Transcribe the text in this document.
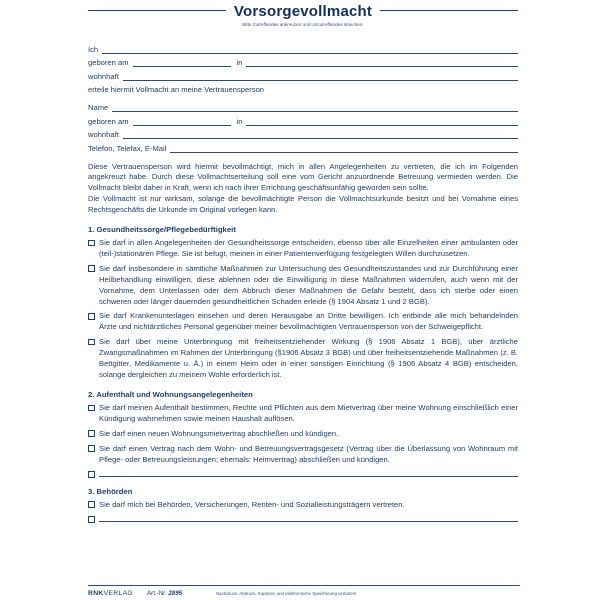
Vorsorgevollmacht
Bitte Zutreffendes ankreuzen und Unzutreffendes streichen.
Ich
geboren am	in
wohnhaft
erteile hiermit Vollmacht an meine Vertrauensperson
Name
geboren am	in
wohnhaft
Telefon, Telefax, E-Mail
Diese Vertrauensperson wird hiermit bevollmächtigt, mich in allen Angelegenheiten zu vertreten, die ich im Folgenden angekreuzt habe. Durch diese Vollmachtserteilung soll eine vom Gericht anzuordnende Betreuung vermieden werden. Die Vollmacht bleibt daher in Kraft, wenn ich nach ihrer Errichtung geschäftsunfähig geworden sein sollte.
Die Vollmacht ist nur wirksam, solange die bevollmächtigte Person die Vollmachtsurkunde besitzt und bei Vornahme eines Rechtsgeschäfts die Urkunde im Original vorlegen kann.
1. Gesundheitssorge/Pflegebedürftigkeit
Sie darf in allen Angelegenheiten der Gesundheitssorge entscheiden, ebenso über alle Einzelheiten einer ambulanten oder (teil-)stationären Pflege. Sie ist befugt, meinen in einer Patientenverfügung festgelegten Willen durchzusetzen.
Sie darf insbesondere in sämtliche Maßnahmen zur Untersuchung des Gesundheitszustandes und zur Durchführung einer Heilbehandlung einwilligen, diese ablehnen oder die Einwilligung in diese Maßnahmen widerrufen, auch wenn mit der Vornahme, dem Unterlassen oder dem Abbruch dieser Maßnahmen die Gefahr besteht, dass ich sterbe oder einen schweren oder länger dauernden gesundheitlichen Schaden erleide (§ 1904 Absatz 1 und 2 BGB).
Sie darf Krankenunterlagen einsehen und deren Herausgabe an Dritte bewilligen. Ich entbinde alle mich behandelnden Ärzte und nichtärztliches Personal gegenüber meiner bevollmächtigten Vertrauensperson von der Schweigepflicht.
Sie darf über meine Unterbringung mit freiheitsentziehender Wirkung (§ 1906 Absatz 1 BGB), über ärztliche Zwangsmaßnahmen im Rahmen der Unterbringung (§1906 Absatz 3 BGB) und über freiheitsentziehende Maßnahmen (z. B. Bettgitter, Medikamente u. Ä.) in einem Heim oder in einer sonstigen Einrichtung (§ 1906 Absatz 4 BGB) entscheiden, solange dergleichen zu meinem Wohle erforderlich ist.
2. Aufenthalt und Wohnungsangelegenheiten
Sie darf meinen Aufenthalt bestimmen, Rechte und Pflichten aus dem Mietvertrag über meine Wohnung einschließlich einer Kündigung wahrnehmen sowie meinen Haushalt auflösen.
Sie darf einen neuen Wohnungsmietvertrag abschließen und kündigen.
Sie darf einen Vertrag nach dem Wohn- und Betreuungsvertragsgesetz (Vertrag über die Überlassung von Wohnraum mit Pflege- oder Betreuungsleistungen; ehemals: Heimvertrag) abschließen und kündigen.
3. Behörden
Sie darf mich bei Behörden, Versicherungen, Renten- und Sozialleistungsträgern vertreten.
RNKVERLAG Art.-Nr. 2895	Nachdruck, Abdruck, Kopieren und elektronische Speicherung verboten!
